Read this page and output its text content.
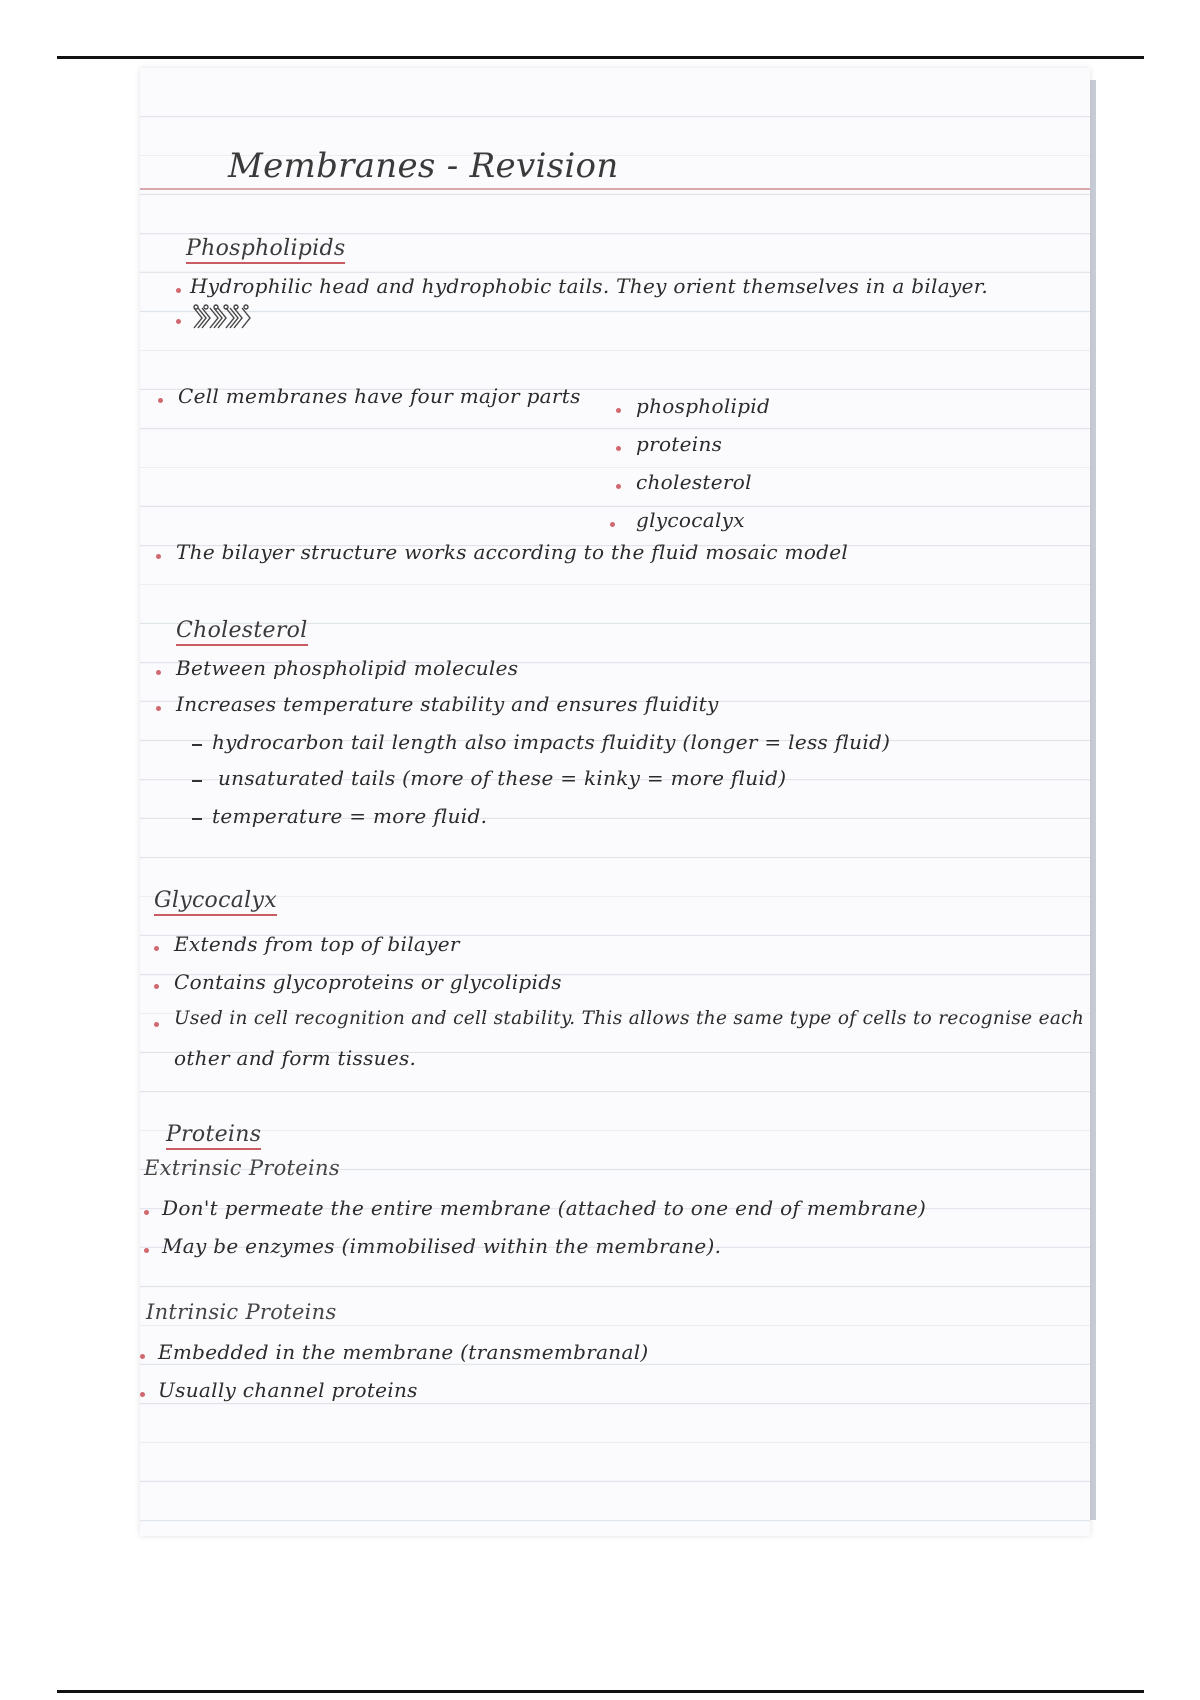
Membranes - Revision
Phospholipids
Hydrophilic head and hydrophobic tails. They orient themselves in a bilayer.
Cell membranes have four major parts	phospholipid
proteins
cholesterol
glycocalyx
The bilayer structure works according to the fluid mosaic model
Cholesterol
Between phospholipid molecules
Increases temperature stability and ensures fluidity
hydrocarbon tail length also impacts fluidity (longer = less fluid)
unsaturated tails (more of these = kinky = more fluid)
temperature = more fluid.
Glycocalyx
Extends from top of bilayer
Contains glycoproteins or glycolipids
Used in cell recognition and cell stability. This allows the same type of cells to recognise each
other and form tissues.
Proteins
Extrinsic Proteins
Don't permeate the entire membrane (attached to one end of membrane)
May be enzymes (immobilised within the membrane).
Intrinsic Proteins
Embedded in the membrane (transmembranal)
Usually channel proteins
